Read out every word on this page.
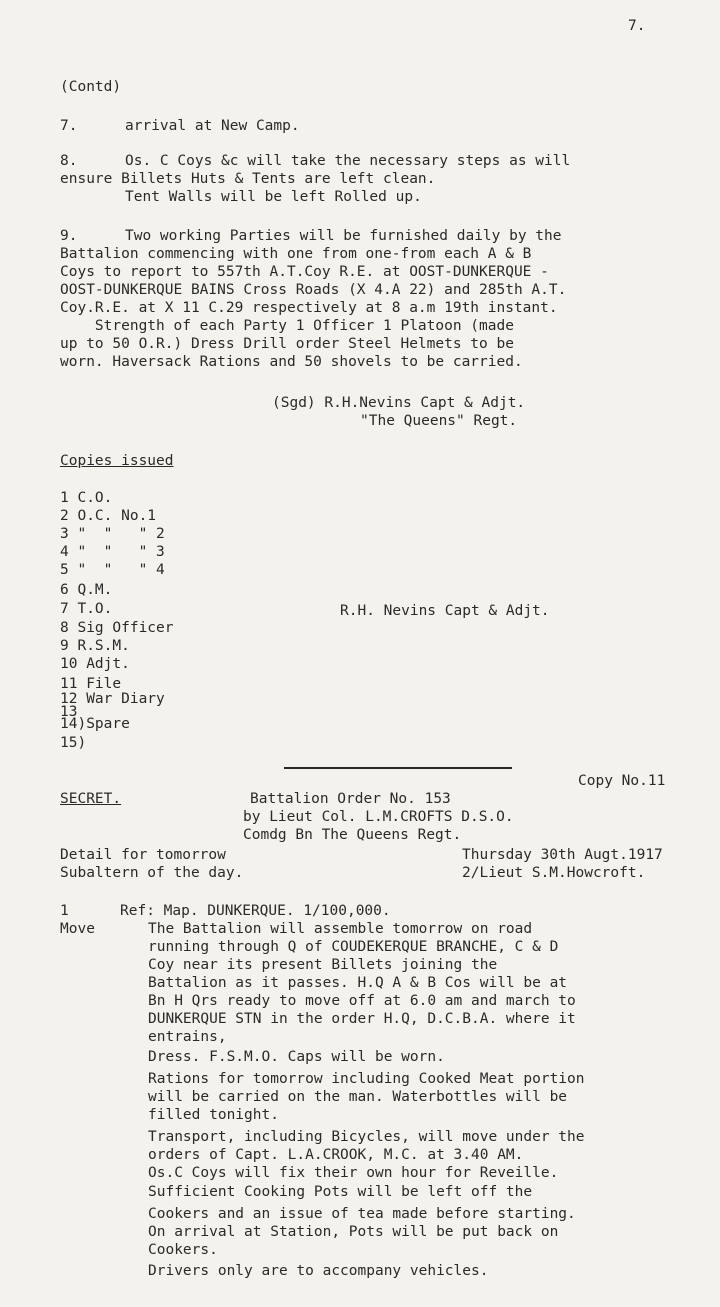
7.
(Contd)
7.	arrival at New Camp.
8.	Os. C Coys &c will take the necessary steps as will
ensure Billets Huts & Tents are left clean.
Tent Walls will be left Rolled up.
9.	Two working Parties will be furnished daily by the
Battalion commencing with one from one-from each A & B
Coys to report to 557th A.T.Coy R.E. at OOST-DUNKERQUE -
OOST-DUNKERQUE BAINS Cross Roads (X 4.A 22) and 285th A.T.
Coy.R.E. at X 11 C.29 respectively at 8 a.m 19th instant.
Strength of each Party 1 Officer 1 Platoon (made
up to 50 O.R.) Dress Drill order Steel Helmets to be
worn. Haversack Rations and 50 shovels to be carried.
(Sgd) R.H.Nevins Capt & Adjt.
"The Queens" Regt.
Copies issued
1 C.O.
2 O.C. No.1
3 "  "   " 2
4 "  "   " 3
5 "  "   " 4
6 Q.M.
7 T.O.
8 Sig Officer
9 R.S.M.
10 Adjt.
11 File
12 War Diary
13
14)Spare
15)
R.H. Nevins Capt & Adjt.
Copy No.11
SECRET.	Battalion Order No. 153
by Lieut Col. L.M.CROFTS D.S.O.
Comdg Bn The Queens Regt.
Detail for tomorrow	Thursday 30th Augt.1917
Subaltern of the day.	2/Lieut S.M.Howcroft.
1	Ref: Map. DUNKERQUE. 1/100,000.
Move	The Battalion will assemble tomorrow on road
running through Q of COUDEKERQUE BRANCHE, C & D
Coy near its present Billets joining the
Battalion as it passes. H.Q A & B Cos will be at
Bn H Qrs ready to move off at 6.0 am and march to
DUNKERQUE STN in the order H.Q, D.C.B.A. where it
entrains,
Dress. F.S.M.O. Caps will be worn.
Rations for tomorrow including Cooked Meat portion
will be carried on the man. Waterbottles will be
filled tonight.
Transport, including Bicycles, will move under the
orders of Capt. L.A.CROOK, M.C. at 3.40 AM.
Os.C Coys will fix their own hour for Reveille.
Sufficient Cooking Pots will be left off the
Cookers and an issue of tea made before starting.
On arrival at Station, Pots will be put back on
Cookers.
Drivers only are to accompany vehicles.
